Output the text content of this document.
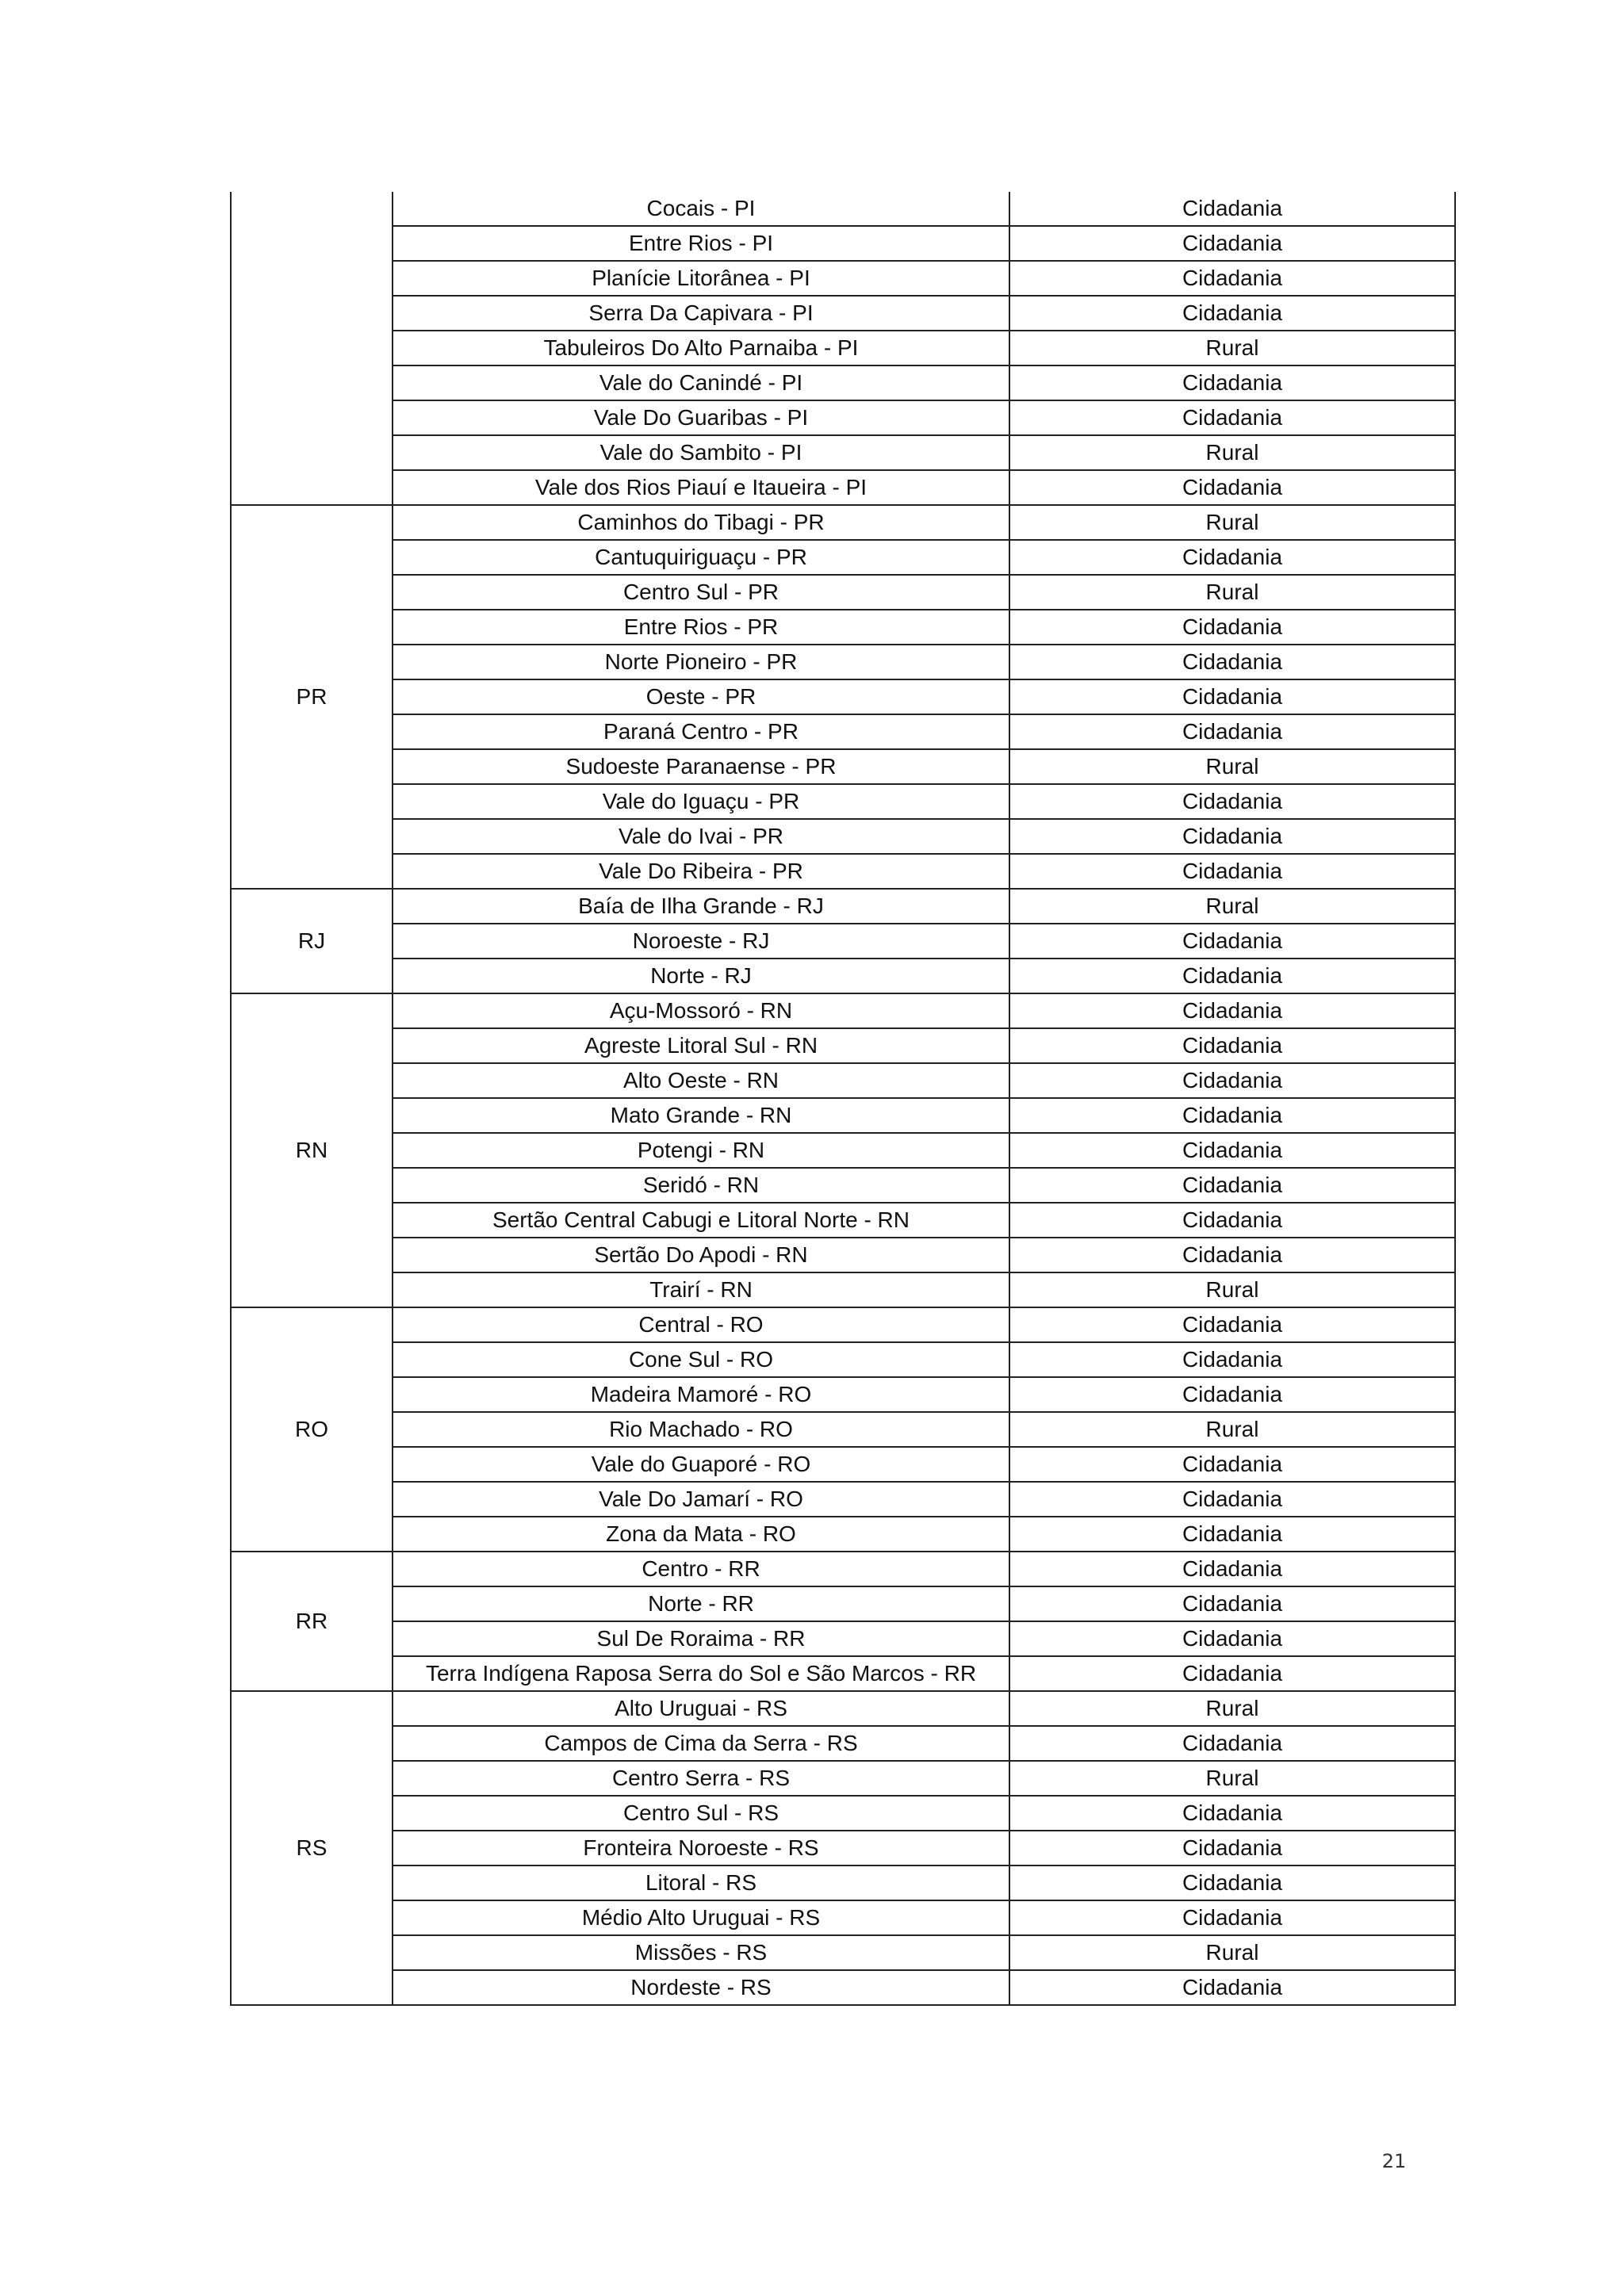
	Cocais - PI	Cidadania
	Entre Rios - PI	Cidadania
	Planície Litorânea - PI	Cidadania
	Serra Da Capivara - PI	Cidadania
	Tabuleiros Do Alto Parnaiba - PI	Rural
	Vale do Canindé - PI	Cidadania
	Vale Do Guaribas - PI	Cidadania
	Vale do Sambito - PI	Rural
	Vale dos Rios Piauí e Itaueira - PI	Cidadania
PR	Caminhos do Tibagi - PR	Rural
	Cantuquiriguaçu - PR	Cidadania
	Centro Sul - PR	Rural
	Entre Rios - PR	Cidadania
	Norte Pioneiro - PR	Cidadania
	Oeste - PR	Cidadania
	Paraná Centro - PR	Cidadania
	Sudoeste Paranaense - PR	Rural
	Vale do Iguaçu - PR	Cidadania
	Vale do Ivai - PR	Cidadania
	Vale Do Ribeira - PR	Cidadania
RJ	Baía de Ilha Grande - RJ	Rural
	Noroeste - RJ	Cidadania
	Norte - RJ	Cidadania
RN	Açu-Mossoró - RN	Cidadania
	Agreste Litoral Sul - RN	Cidadania
	Alto Oeste - RN	Cidadania
	Mato Grande - RN	Cidadania
	Potengi - RN	Cidadania
	Seridó - RN	Cidadania
	Sertão Central Cabugi e Litoral Norte - RN	Cidadania
	Sertão Do Apodi - RN	Cidadania
	Trairí - RN	Rural
RO	Central - RO	Cidadania
	Cone Sul - RO	Cidadania
	Madeira Mamoré - RO	Cidadania
	Rio Machado - RO	Rural
	Vale do Guaporé - RO	Cidadania
	Vale Do Jamarí - RO	Cidadania
	Zona da Mata - RO	Cidadania
RR	Centro - RR	Cidadania
	Norte - RR	Cidadania
	Sul De Roraima - RR	Cidadania
	Terra Indígena Raposa Serra do Sol e São Marcos - RR	Cidadania
RS	Alto Uruguai - RS	Rural
	Campos de Cima da Serra - RS	Cidadania
	Centro Serra - RS	Rural
	Centro Sul - RS	Cidadania
	Fronteira Noroeste - RS	Cidadania
	Litoral - RS	Cidadania
	Médio Alto Uruguai - RS	Cidadania
	Missões - RS	Rural
	Nordeste - RS	Cidadania
21
